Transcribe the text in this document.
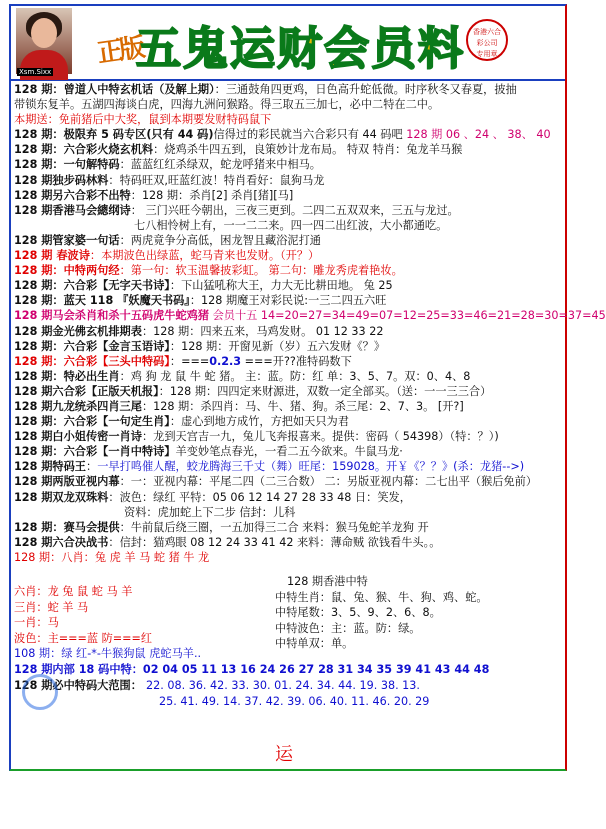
Xsm.Sixx
正版
五鬼运财会员料	香港六合
彩公司
专用章
128 期：曾道人中特玄机话（及解上期）：三通鼓角四更鸡，日色高升蛇低微。时序秋冬又春夏，披抽
带锁东复羊。五湖四海谈白虎，四海九洲问猴路。得三取五三加七，必中二特在二中。
本期送：免前猪后中大奖，鼠到本期要发财特码鼠下
128 期：极限弃 5 码专区(只有 44 码)信得过的彩民就当六合彩只有 44 码吧 128 期 06 、24 、 38、 40
128 期：六合彩火烧玄机料：烧鸡杀牛四五到，良策妙计龙布局。 特双 特肖：兔龙羊马猴
128 期：一句解特码：蓝蓝红红杀绿双，蛇龙呼猪来中相马。
128 期独步码林料：特码旺双,旺蓝红波！特肖看好：鼠狗马龙
128 期另六合彩不出特：128 期：杀肖[2] 杀肖[猪][马]
128 期香港马会總纲诗： 三门兴旺今朝出，三夜三更到。二四二五双双来，三五与龙过。
七八相怜树上有，一一二二来。四一四二出红波，大小都通吃。
128 期管家婆一句话：两虎竟争分高低，困龙智且藏浴泥打通
128 期 春波诗：本期波色出绿蓝，蛇马青来也发财。（开？）
128 期：中特两句经：第一句：软玉温馨披彩虹。 第二句：雕龙秀虎着艳妆。
128 期：六合彩【无字天书诗】：下山猛吼称大王，力大无比耕田地。 兔 25
128 期：蓝天 118 『妖魔天书码』：128 期魔王对彩民说:一三二四五六旺
128 期马会杀肖和杀十五码虎牛蛇鸡猪 会员十五 14=20=27=34=49=07=12=25=33=46=21=28=30=37=45
128 期金光佛玄机排期表：128 期：四来五来，马鸡发财。 01 12 33 22
128 期：六合彩【金言玉语诗】：128 期：开窗见新（岁）五六发财《？》
128 期：六合彩【三头中特码】：===0.2.3 ===开??准特码数下
128 期：特必出生肖：鸡 狗 龙 鼠 牛 蛇 猪。 主：蓝。防：红 单：3、5、7。双：0、4、8
128 期六合彩【正版天机报】：128 期：四四定来财源进，双数一定全部买。（送：一一三三合）
128 期九龙统杀四肖三尾：128 期：杀四肖：马、牛、猪、狗。杀三尾：2、7、3。 [开?]
128 期：六合彩【一句定生肖】：虚心到地方成竹，方把如天只为君
128 期白小姐传密一肖诗：龙到天宫吉一九，兔儿飞奔报喜来。提供：密码（ 54398）（特：？）)
128 期：六合彩【一肖中特诗】羊变妙笔点春光，一看二五今欲来。牛鼠马龙·
128 期特码王：一早打鸣催人醒，蛟龙腾海三千丈（舞）旺尾：159028。开￥《？？》(杀：龙猪-->)
128 期两版亚视内幕：一：亚视内幕：平尾二四（二三合数） 二：另版亚视内幕：二七出平（猴后免前）
128 期双龙双珠料：波色：绿红 平特：05 06 12 14 27 28 33 48 日：笑发，
资料：虎加蛇上下二步 信封：儿科
128 期：赛马会提供：牛前鼠后绕三圈，一五加得三二合 来料：猴马兔蛇羊龙狗 开
128 期六合决战书：信封：猫鸡眼 08 12 24 33 41 42 来料：薄命贼 欲钱看牛头。。
128 期：八肖：兔 虎 羊 马 蛇 猪 牛 龙
六肖：龙 兔 鼠 蛇 马 羊
三肖：蛇 羊 马
一肖：马
波色：主===蓝 防===红
108 期：绿 红-*-牛猴狗鼠 虎蛇马羊..
128 期内部 18 码中特：02 04 05 11 13 16 24 26 27 28 31 34 35 39 41 43 44 48
128 期必中特码大范围： 22. 08. 36. 42. 33. 30. 01. 24. 34. 44. 19. 38. 13.
25. 41. 49. 14. 37. 42. 39. 06. 40. 11. 46. 20. 29
128 期香港中特
中特生肖：鼠、兔、猴、牛、狗、鸡、蛇。
中特尾数：3、5、9、2、6、8。
中特波色：主：蓝。防：绿。
中特单双：单。
运
